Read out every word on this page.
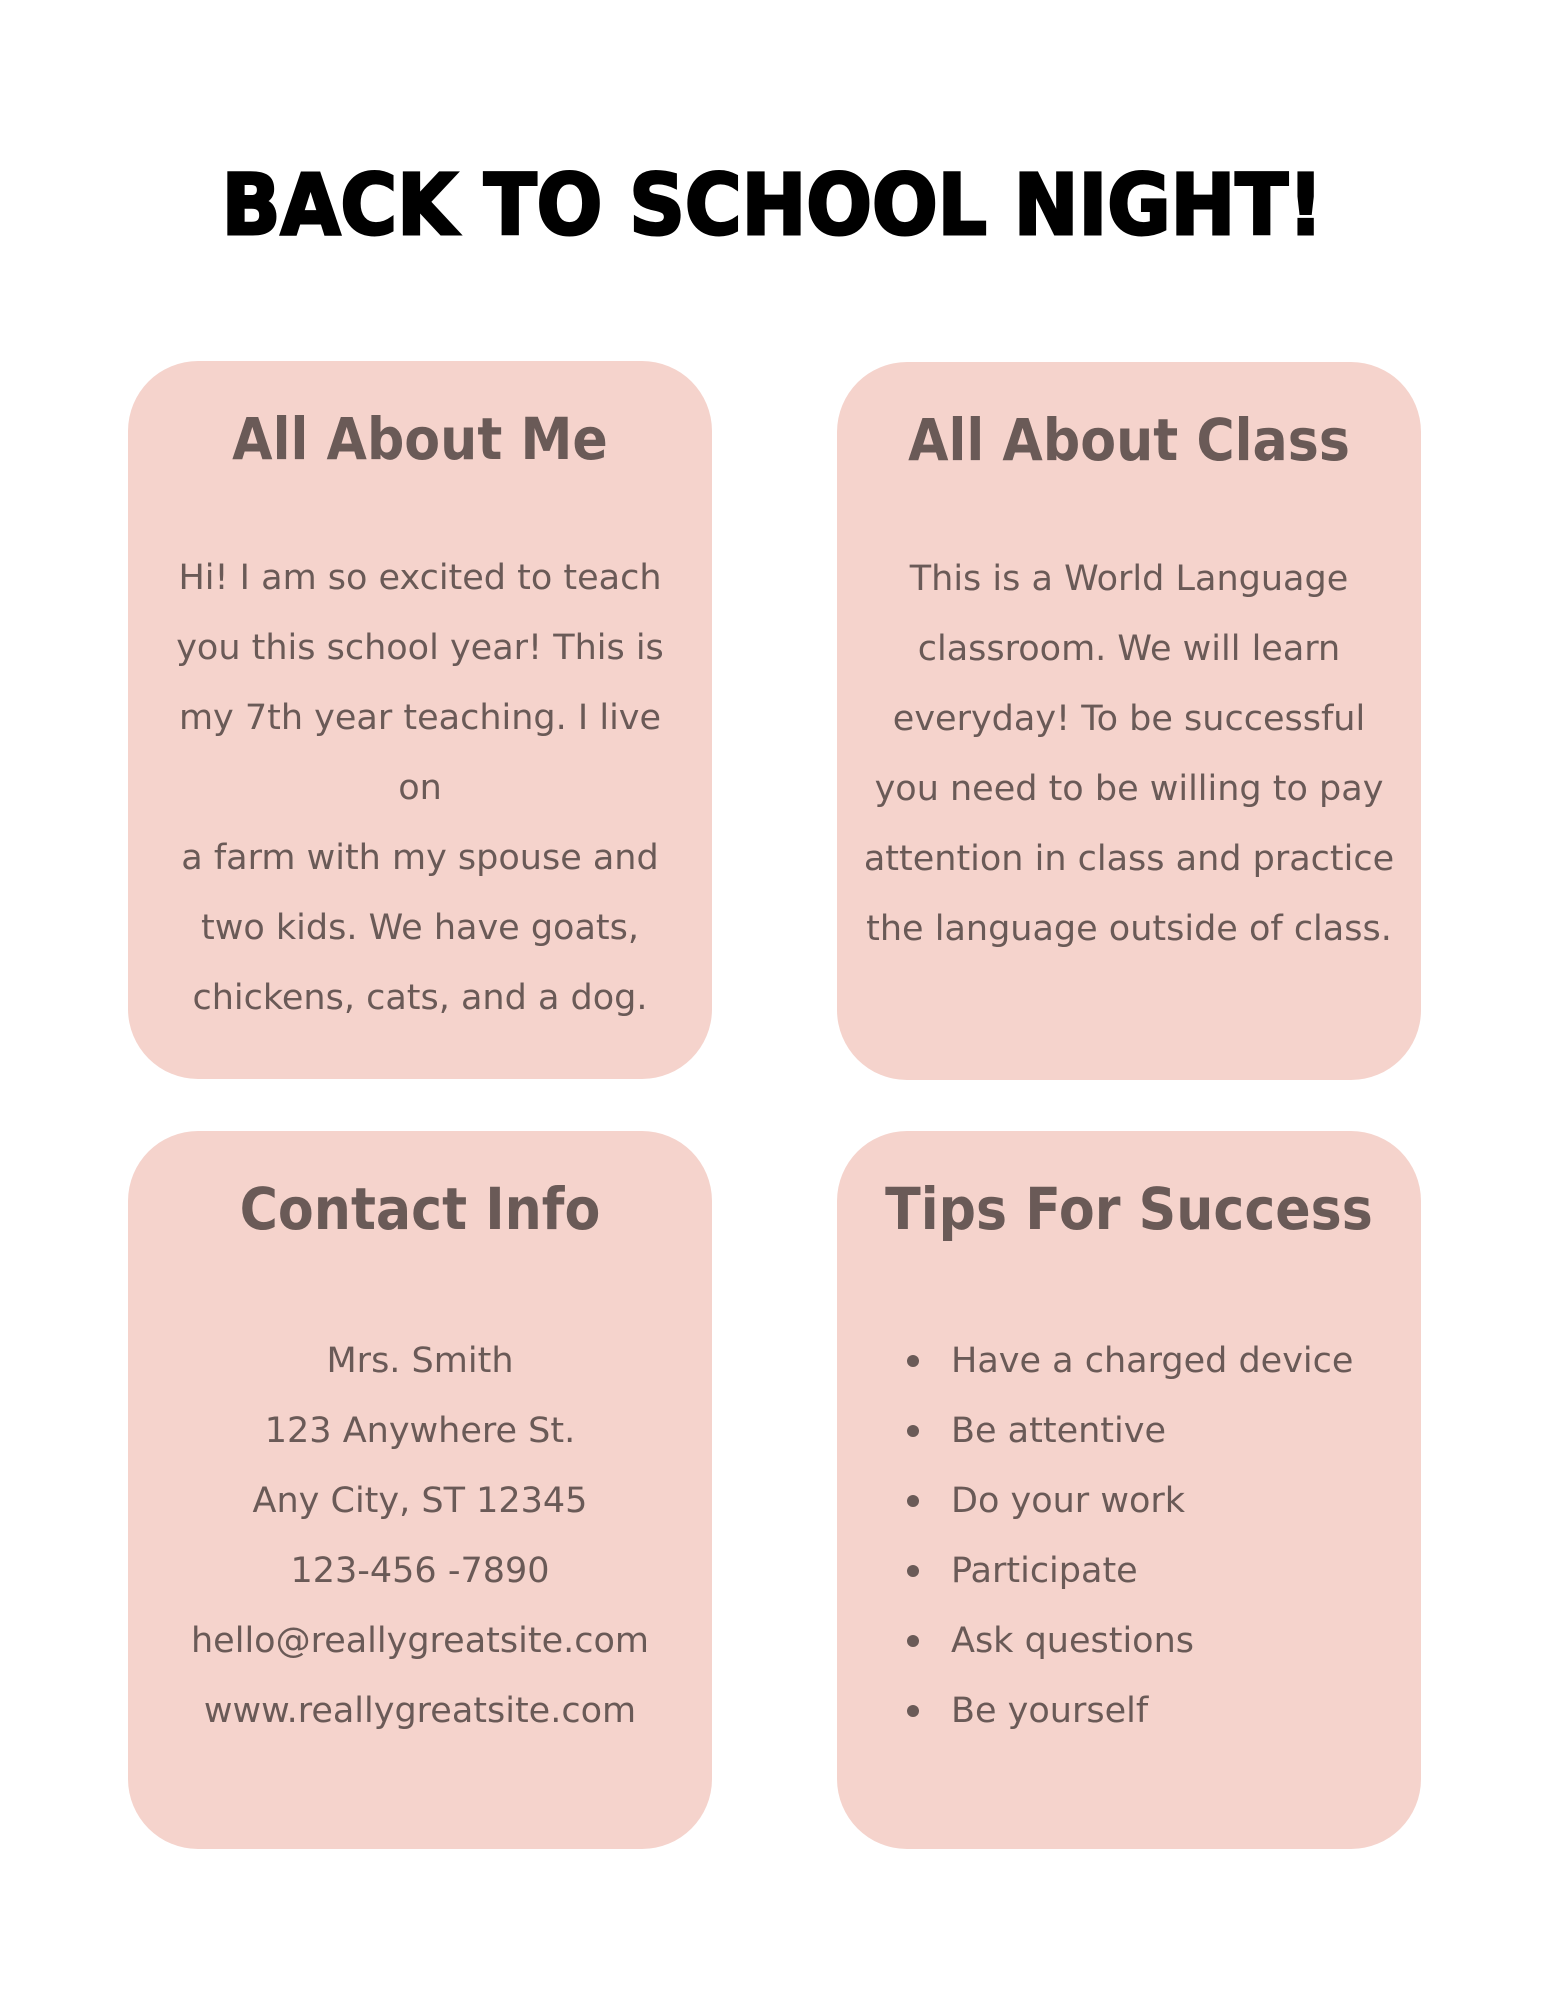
BACK TO SCHOOL NIGHT!
All About Me

Hi! I am so excited to teach
you this school year! This is
my 7th year teaching. I live on
a farm with my spouse and
two kids. We have goats,
chickens, cats, and a dog.

All About Class

This is a World Language
classroom. We will learn
everyday! To be successful
you need to be willing to pay
attention in class and practice
the language outside of class.

Contact Info
Mrs. Smith
123 Anywhere St.
Any City, ST 12345
123-456 -7890
hello@reallygreatsite.com
www.reallygreatsite.com
Tips For Success
Have a charged device
Be attentive
Do your work
Participate
Ask questions
Be yourself
